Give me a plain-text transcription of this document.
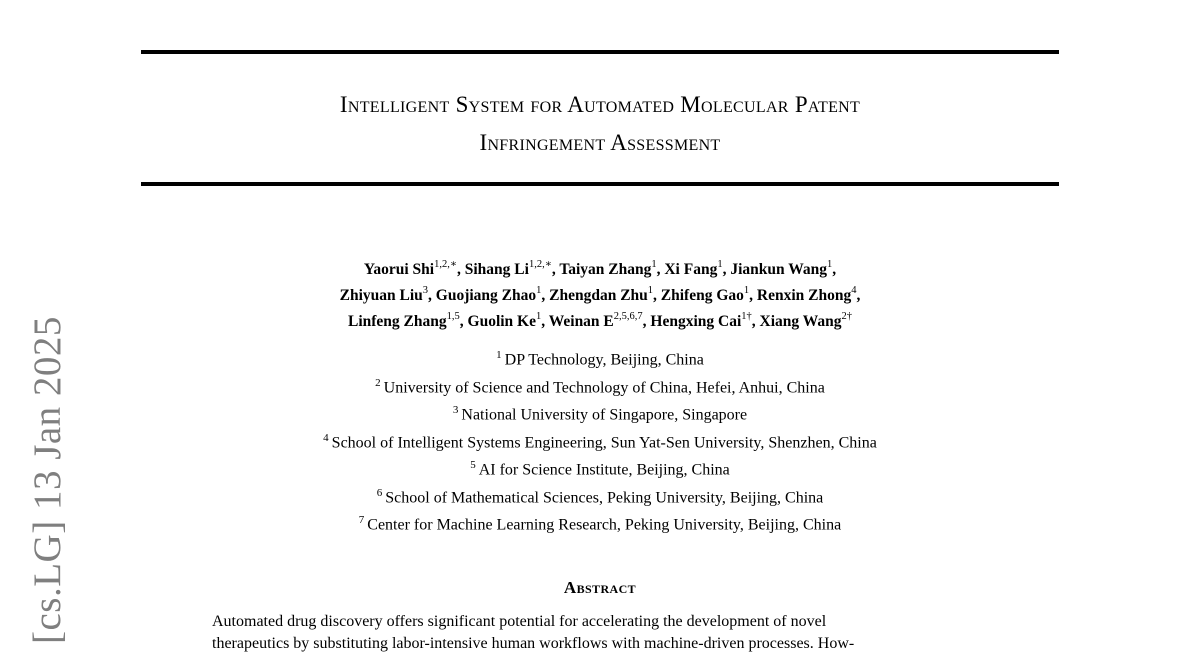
Intelligent System for Automated Molecular Patent
Infringement Assessment
Yaorui Shi$^{1,2,∗}$, Sihang $Li^{1,2,∗}$, Taiyan Zhang$^1$, Xi Fang$^1$, Jiankun Wang$^1$,
Zhiyuan Liu$^3$, Guojiang Zhao$^1$, Zhengdan Zhu$^1$, Zhifeng Gao$^1$, Renxin Zhong$^4$,
Linfeng Zhang$^{1,5}$, Guolin Ke$^1$, Weinan E$^{2,5,6,7}$, Hengxing Cai$^{1\dagger}$, Xiang Wang$^{2\dagger}$
$^1$ DP Technology, Beijing, China
$^2$ University of Science and Technology of China, Hefei, Anhui, China
$^3$ National University of Singapore, Singapore
$^4$ School of Intelligent Systems Engineering, Sun Yat-Sen University, Shenzhen, China
$^5$ AI for Science Institute, Beijing, China
$^6$ School of Mathematical Sciences, Peking University, Beijing, China
$^7$ Center for Machine Learning Research, Peking University, Beijing, China
Abstract
Automated drug discovery offers significant potential for accelerating the development of novel
therapeutics by substituting labor-intensive human workflows with machine-driven processes. How-
[cs.LG] 13 Jan 2025
